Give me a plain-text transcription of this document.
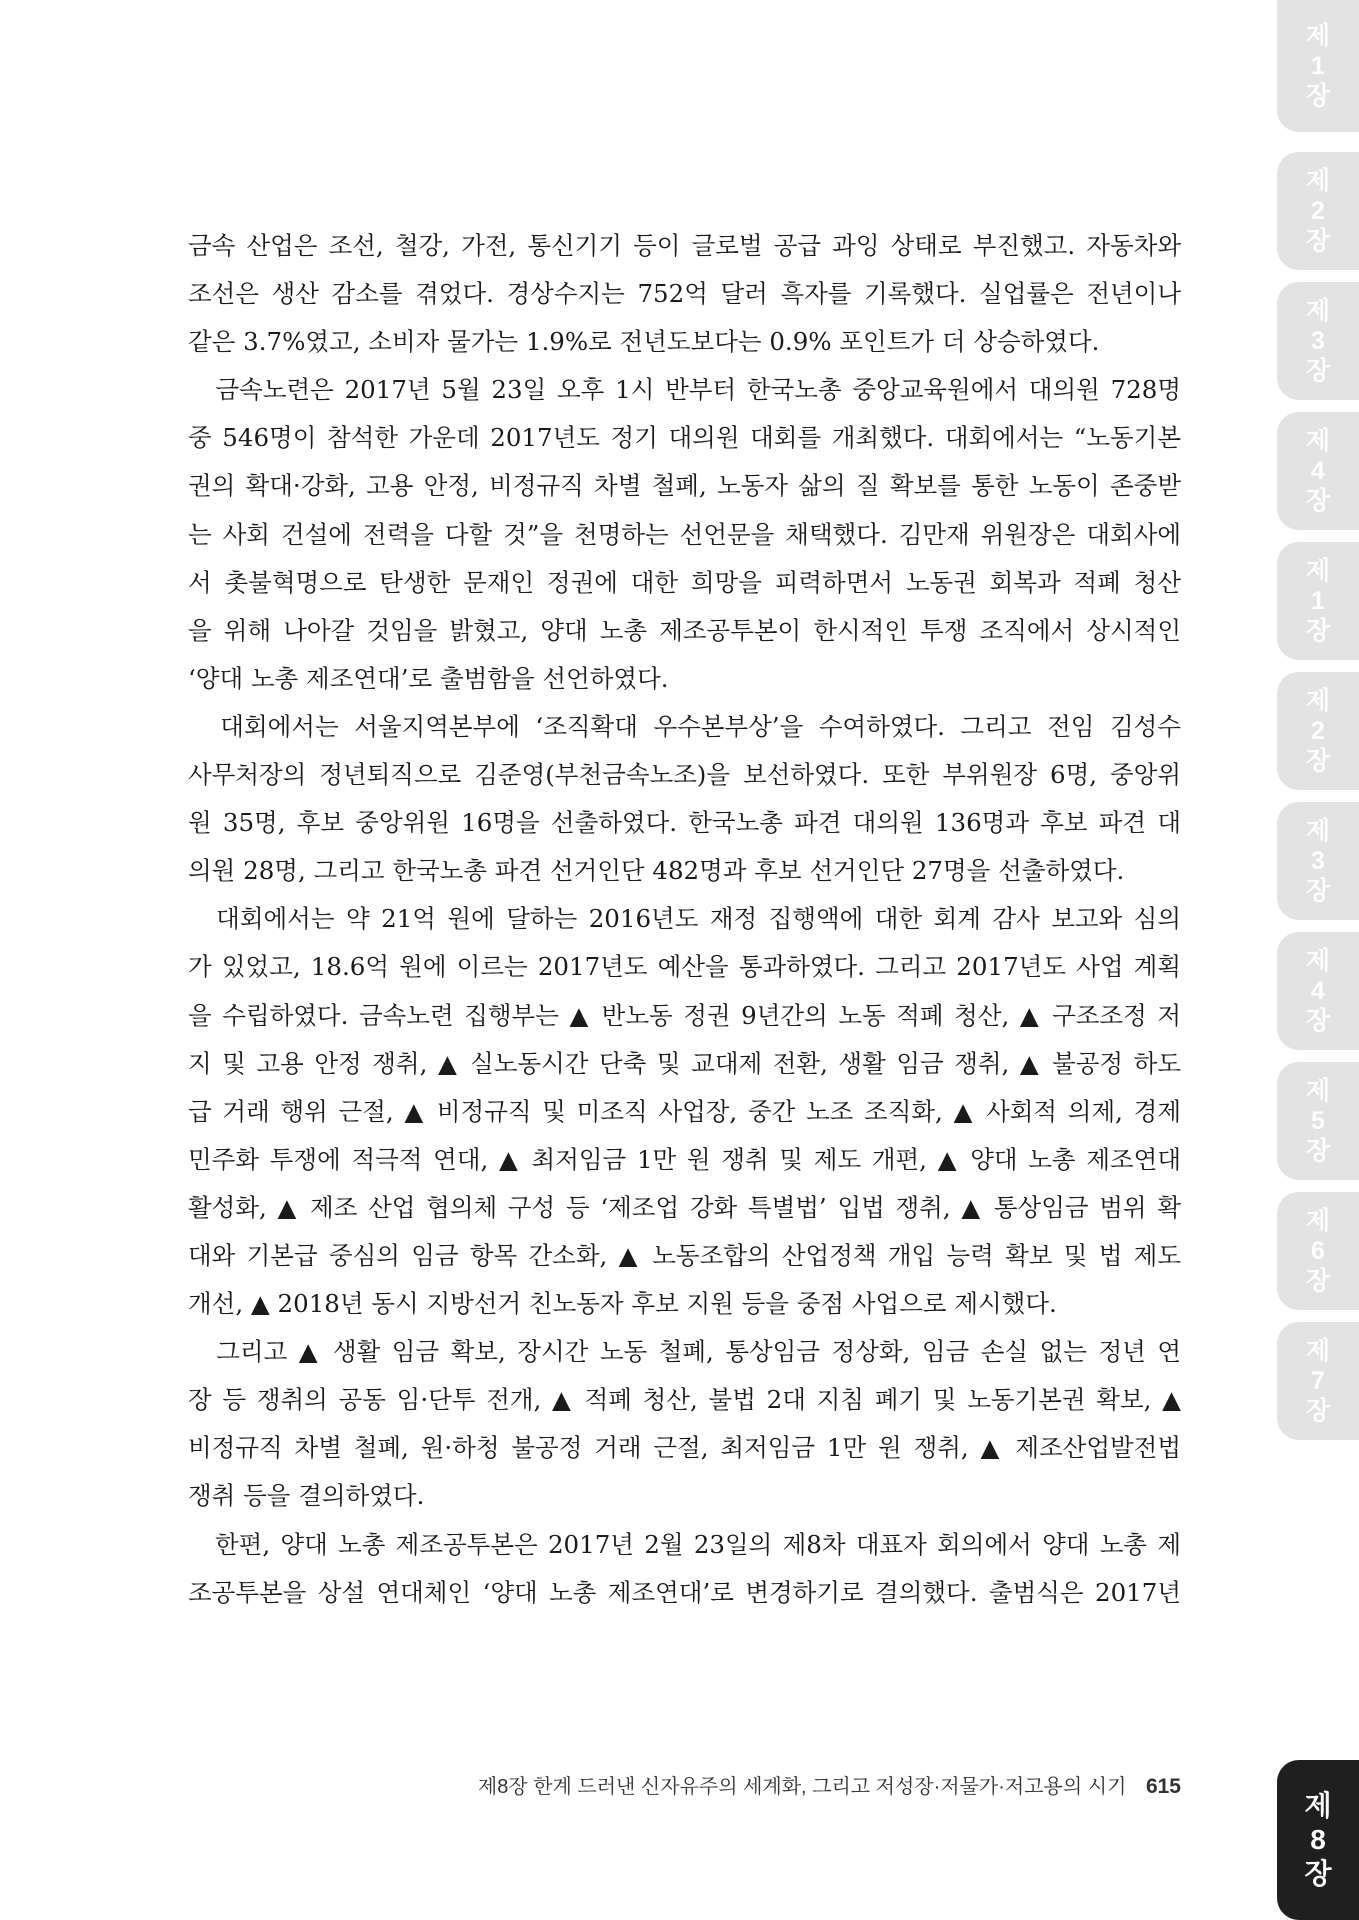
금속 산업은 조선, 철강, 가전, 통신기기 등이 글로벌 공급 과잉 상태로 부진했고. 자동차와
조선은 생산 감소를 겪었다. 경상수지는 752억 달러 흑자를 기록했다. 실업률은 전년이나
같은 3.7%였고, 소비자 물가는 1.9%로 전년도보다는 0.9% 포인트가 더 상승하였다.
　금속노련은 2017년 5월 23일 오후 1시 반부터 한국노총 중앙교육원에서 대의원 728명
중 546명이 참석한 가운데 2017년도 정기 대의원 대회를 개최했다. 대회에서는 “노동기본
권의 확대·강화, 고용 안정, 비정규직 차별 철폐, 노동자 삶의 질 확보를 통한 노동이 존중받
는 사회 건설에 전력을 다할 것”을 천명하는 선언문을 채택했다. 김만재 위원장은 대회사에
서 촛불혁명으로 탄생한 문재인 정권에 대한 희망을 피력하면서 노동권 회복과 적폐 청산
을 위해 나아갈 것임을 밝혔고, 양대 노총 제조공투본이 한시적인 투쟁 조직에서 상시적인
‘양대 노총 제조연대’로 출범함을 선언하였다.
　대회에서는 서울지역본부에 ‘조직확대 우수본부상’을 수여하였다. 그리고 전임 김성수
사무처장의 정년퇴직으로 김준영(부천금속노조)을 보선하였다. 또한 부위원장 6명, 중앙위
원 35명, 후보 중앙위원 16명을 선출하였다. 한국노총 파견 대의원 136명과 후보 파견 대
의원 28명, 그리고 한국노총 파견 선거인단 482명과 후보 선거인단 27명을 선출하였다.
　대회에서는 약 21억 원에 달하는 2016년도 재정 집행액에 대한 회계 감사 보고와 심의
가 있었고, 18.6억 원에 이르는 2017년도 예산을 통과하였다. 그리고 2017년도 사업 계획
을 수립하였다. 금속노련 집행부는 ▲ 반노동 정권 9년간의 노동 적폐 청산, ▲ 구조조정 저
지 및 고용 안정 쟁취, ▲ 실노동시간 단축 및 교대제 전환, 생활 임금 쟁취, ▲ 불공정 하도
급 거래 행위 근절, ▲ 비정규직 및 미조직 사업장, 중간 노조 조직화, ▲ 사회적 의제, 경제
민주화 투쟁에 적극적 연대, ▲ 최저임금 1만 원 쟁취 및 제도 개편, ▲ 양대 노총 제조연대
활성화, ▲ 제조 산업 협의체 구성 등 ‘제조업 강화 특별법’ 입법 쟁취, ▲ 통상임금 범위 확
대와 기본급 중심의 임금 항목 간소화, ▲ 노동조합의 산업정책 개입 능력 확보 및 법 제도
개선, ▲ 2018년 동시 지방선거 친노동자 후보 지원 등을 중점 사업으로 제시했다.
　그리고 ▲ 생활 임금 확보, 장시간 노동 철폐, 통상임금 정상화, 임금 손실 없는 정년 연
장 등 쟁취의 공동 임·단투 전개, ▲ 적폐 청산, 불법 2대 지침 폐기 및 노동기본권 확보, ▲
비정규직 차별 철폐, 원·하청 불공정 거래 근절, 최저임금 1만 원 쟁취, ▲ 제조산업발전법
쟁취 등을 결의하였다.
　한편, 양대 노총 제조공투본은 2017년 2월 23일의 제8차 대표자 회의에서 양대 노총 제
조공투본을 상설 연대체인 ‘양대 노총 제조연대’로 변경하기로 결의했다. 출범식은 2017년
제8장 한계 드러낸 신자유주의 세계화, 그리고 저성장·저물가·저고용의 시기 615
제
1
장
제
2
장
제
3
장
제
4
장
제
1
장
제
2
장
제
3
장
제
4
장
제
5
장
제
6
장
제
7
장
제
8
장
